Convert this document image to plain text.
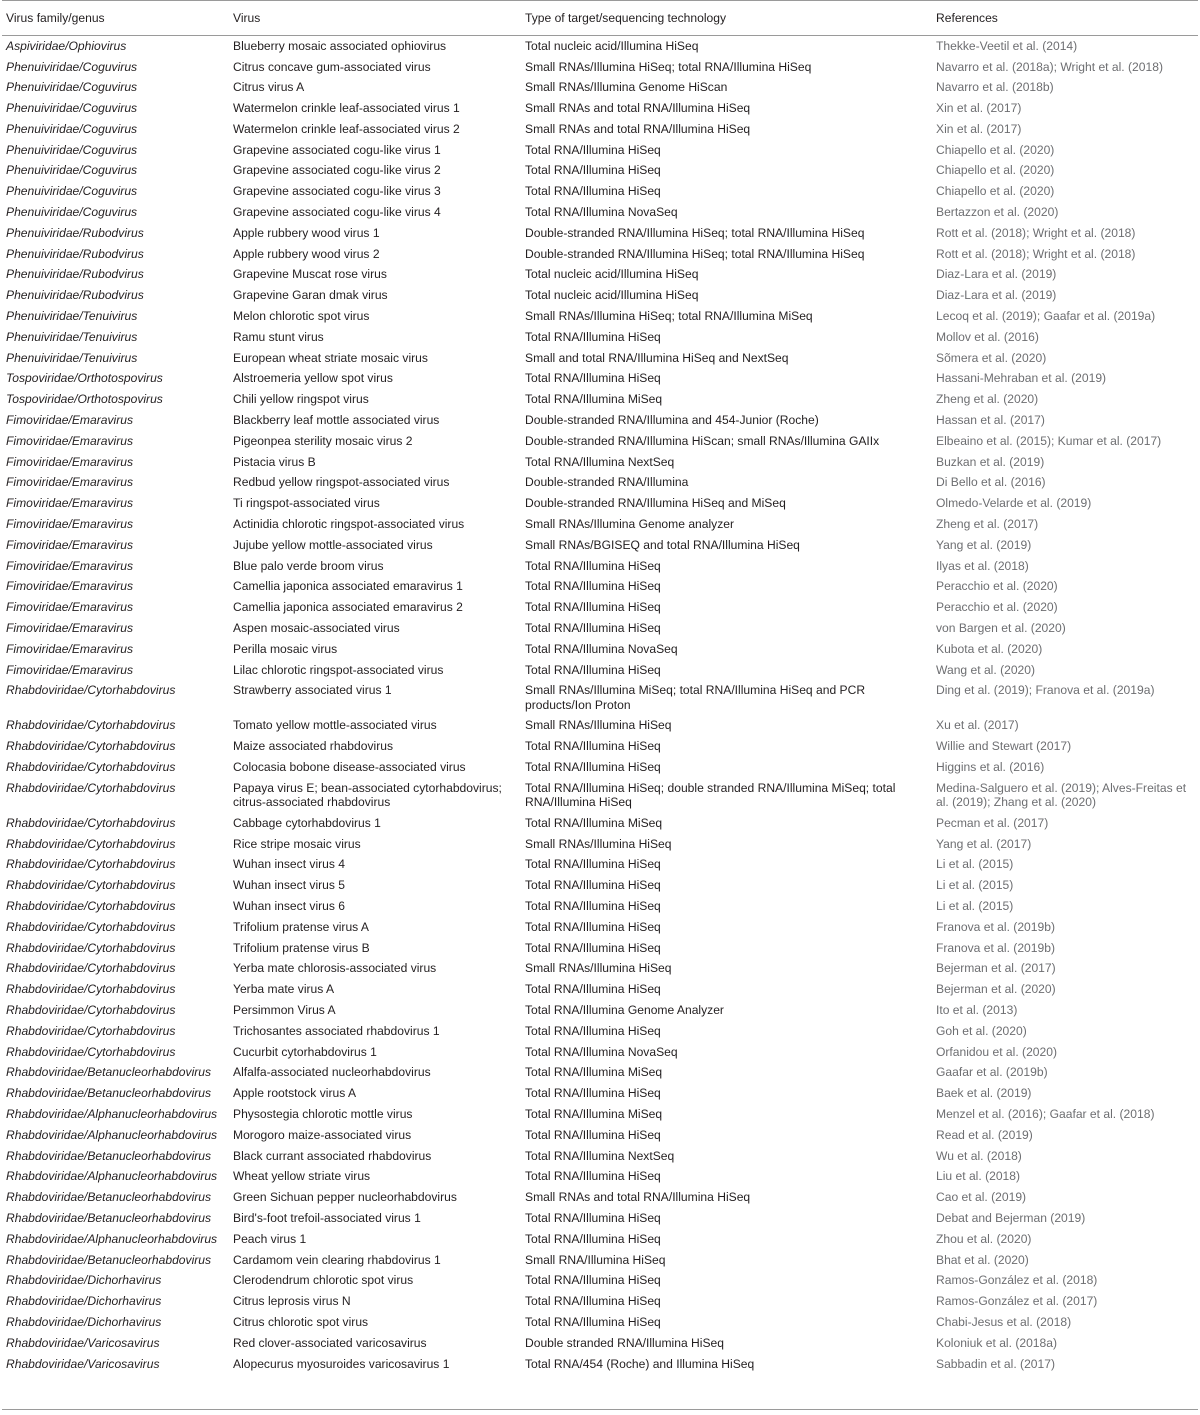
Virus family/genus	Virus	Type of target/sequencing technology	References
Aspiviridae/Ophiovirus	Blueberry mosaic associated ophiovirus	Total nucleic acid/Illumina HiSeq	Thekke-Veetil et al. (2014)
Phenuiviridae/Coguvirus	Citrus concave gum-associated virus	Small RNAs/Illumina HiSeq; total RNA/Illumina HiSeq	Navarro et al. (2018a); Wright et al. (2018)
Phenuiviridae/Coguvirus	Citrus virus A	Small RNAs/Illumina Genome HiScan	Navarro et al. (2018b)
Phenuiviridae/Coguvirus	Watermelon crinkle leaf-associated virus 1	Small RNAs and total RNA/Illumina HiSeq	Xin et al. (2017)
Phenuiviridae/Coguvirus	Watermelon crinkle leaf-associated virus 2	Small RNAs and total RNA/Illumina HiSeq	Xin et al. (2017)
Phenuiviridae/Coguvirus	Grapevine associated cogu-like virus 1	Total RNA/Illumina HiSeq	Chiapello et al. (2020)
Phenuiviridae/Coguvirus	Grapevine associated cogu-like virus 2	Total RNA/Illumina HiSeq	Chiapello et al. (2020)
Phenuiviridae/Coguvirus	Grapevine associated cogu-like virus 3	Total RNA/Illumina HiSeq	Chiapello et al. (2020)
Phenuiviridae/Coguvirus	Grapevine associated cogu-like virus 4	Total RNA/Illumina NovaSeq	Bertazzon et al. (2020)
Phenuiviridae/Rubodvirus	Apple rubbery wood virus 1	Double-stranded RNA/Illumina HiSeq; total RNA/Illumina HiSeq	Rott et al. (2018); Wright et al. (2018)
Phenuiviridae/Rubodvirus	Apple rubbery wood virus 2	Double-stranded RNA/Illumina HiSeq; total RNA/Illumina HiSeq	Rott et al. (2018); Wright et al. (2018)
Phenuiviridae/Rubodvirus	Grapevine Muscat rose virus	Total nucleic acid/Illumina HiSeq	Diaz-Lara et al. (2019)
Phenuiviridae/Rubodvirus	Grapevine Garan dmak virus	Total nucleic acid/Illumina HiSeq	Diaz-Lara et al. (2019)
Phenuiviridae/Tenuivirus	Melon chlorotic spot virus	Small RNAs/Illumina HiSeq; total RNA/Illumina MiSeq	Lecoq et al. (2019); Gaafar et al. (2019a)
Phenuiviridae/Tenuivirus	Ramu stunt virus	Total RNA/Illumina HiSeq	Mollov et al. (2016)
Phenuiviridae/Tenuivirus	European wheat striate mosaic virus	Small and total RNA/Illumina HiSeq and NextSeq	Sõmera et al. (2020)
Tospoviridae/Orthotospovirus	Alstroemeria yellow spot virus	Total RNA/Illumina HiSeq	Hassani-Mehraban et al. (2019)
Tospoviridae/Orthotospovirus	Chili yellow ringspot virus	Total RNA/Illumina MiSeq	Zheng et al. (2020)
Fimoviridae/Emaravirus	Blackberry leaf mottle associated virus	Double-stranded RNA/Illumina and 454-Junior (Roche)	Hassan et al. (2017)
Fimoviridae/Emaravirus	Pigeonpea sterility mosaic virus 2	Double-stranded RNA/Illumina HiScan; small RNAs/Illumina GAIIx	Elbeaino et al. (2015); Kumar et al. (2017)
Fimoviridae/Emaravirus	Pistacia virus B	Total RNA/Illumina NextSeq	Buzkan et al. (2019)
Fimoviridae/Emaravirus	Redbud yellow ringspot-associated virus	Double-stranded RNA/Illumina	Di Bello et al. (2016)
Fimoviridae/Emaravirus	Ti ringspot-associated virus	Double-stranded RNA/Illumina HiSeq and MiSeq	Olmedo-Velarde et al. (2019)
Fimoviridae/Emaravirus	Actinidia chlorotic ringspot-associated virus	Small RNAs/Illumina Genome analyzer	Zheng et al. (2017)
Fimoviridae/Emaravirus	Jujube yellow mottle-associated virus	Small RNAs/BGISEQ and total RNA/Illumina HiSeq	Yang et al. (2019)
Fimoviridae/Emaravirus	Blue palo verde broom virus	Total RNA/Illumina HiSeq	Ilyas et al. (2018)
Fimoviridae/Emaravirus	Camellia japonica associated emaravirus 1	Total RNA/Illumina HiSeq	Peracchio et al. (2020)
Fimoviridae/Emaravirus	Camellia japonica associated emaravirus 2	Total RNA/Illumina HiSeq	Peracchio et al. (2020)
Fimoviridae/Emaravirus	Aspen mosaic-associated virus	Total RNA/Illumina HiSeq	von Bargen et al. (2020)
Fimoviridae/Emaravirus	Perilla mosaic virus	Total RNA/Illumina NovaSeq	Kubota et al. (2020)
Fimoviridae/Emaravirus	Lilac chlorotic ringspot-associated virus	Total RNA/Illumina HiSeq	Wang et al. (2020)
Rhabdoviridae/Cytorhabdovirus	Strawberry associated virus 1	Small RNAs/Illumina MiSeq; total RNA/Illumina HiSeq and PCR products/Ion Proton	Ding et al. (2019); Franova et al. (2019a)
Rhabdoviridae/Cytorhabdovirus	Tomato yellow mottle-associated virus	Small RNAs/Illumina HiSeq	Xu et al. (2017)
Rhabdoviridae/Cytorhabdovirus	Maize associated rhabdovirus	Total RNA/Illumina HiSeq	Willie and Stewart (2017)
Rhabdoviridae/Cytorhabdovirus	Colocasia bobone disease-associated virus	Total RNA/Illumina HiSeq	Higgins et al. (2016)
Rhabdoviridae/Cytorhabdovirus	Papaya virus E; bean-associated cytorhabdovirus; citrus-associated rhabdovirus	Total RNA/Illumina HiSeq; double stranded RNA/Illumina MiSeq; total RNA/Illumina HiSeq	Medina-Salguero et al. (2019); Alves-Freitas et al. (2019); Zhang et al. (2020)
Rhabdoviridae/Cytorhabdovirus	Cabbage cytorhabdovirus 1	Total RNA/Illumina MiSeq	Pecman et al. (2017)
Rhabdoviridae/Cytorhabdovirus	Rice stripe mosaic virus	Small RNAs/Illumina HiSeq	Yang et al. (2017)
Rhabdoviridae/Cytorhabdovirus	Wuhan insect virus 4	Total RNA/Illumina HiSeq	Li et al. (2015)
Rhabdoviridae/Cytorhabdovirus	Wuhan insect virus 5	Total RNA/Illumina HiSeq	Li et al. (2015)
Rhabdoviridae/Cytorhabdovirus	Wuhan insect virus 6	Total RNA/Illumina HiSeq	Li et al. (2015)
Rhabdoviridae/Cytorhabdovirus	Trifolium pratense virus A	Total RNA/Illumina HiSeq	Franova et al. (2019b)
Rhabdoviridae/Cytorhabdovirus	Trifolium pratense virus B	Total RNA/Illumina HiSeq	Franova et al. (2019b)
Rhabdoviridae/Cytorhabdovirus	Yerba mate chlorosis-associated virus	Small RNAs/Illumina HiSeq	Bejerman et al. (2017)
Rhabdoviridae/Cytorhabdovirus	Yerba mate virus A	Total RNA/Illumina HiSeq	Bejerman et al. (2020)
Rhabdoviridae/Cytorhabdovirus	Persimmon Virus A	Total RNA/Illumina Genome Analyzer	Ito et al. (2013)
Rhabdoviridae/Cytorhabdovirus	Trichosantes associated rhabdovirus 1	Total RNA/Illumina HiSeq	Goh et al. (2020)
Rhabdoviridae/Cytorhabdovirus	Cucurbit cytorhabdovirus 1	Total RNA/Illumina NovaSeq	Orfanidou et al. (2020)
Rhabdoviridae/Betanucleorhabdovirus	Alfalfa-associated nucleorhabdovirus	Total RNA/Illumina MiSeq	Gaafar et al. (2019b)
Rhabdoviridae/Betanucleorhabdovirus	Apple rootstock virus A	Total RNA/Illumina HiSeq	Baek et al. (2019)
Rhabdoviridae/Alphanucleorhabdovirus	Physostegia chlorotic mottle virus	Total RNA/Illumina MiSeq	Menzel et al. (2016); Gaafar et al. (2018)
Rhabdoviridae/Alphanucleorhabdovirus	Morogoro maize-associated virus	Total RNA/Illumina HiSeq	Read et al. (2019)
Rhabdoviridae/Betanucleorhabdovirus	Black currant associated rhabdovirus	Total RNA/Illumina NextSeq	Wu et al. (2018)
Rhabdoviridae/Alphanucleorhabdovirus	Wheat yellow striate virus	Total RNA/Illumina HiSeq	Liu et al. (2018)
Rhabdoviridae/Betanucleorhabdovirus	Green Sichuan pepper nucleorhabdovirus	Small RNAs and total RNA/Illumina HiSeq	Cao et al. (2019)
Rhabdoviridae/Betanucleorhabdovirus	Bird's-foot trefoil-associated virus 1	Total RNA/Illumina HiSeq	Debat and Bejerman (2019)
Rhabdoviridae/Alphanucleorhabdovirus	Peach virus 1	Total RNA/Illumina HiSeq	Zhou et al. (2020)
Rhabdoviridae/Betanucleorhabdovirus	Cardamom vein clearing rhabdovirus 1	Small RNA/Illumina HiSeq	Bhat et al. (2020)
Rhabdoviridae/Dichorhavirus	Clerodendrum chlorotic spot virus	Total RNA/Illumina HiSeq	Ramos-González et al. (2018)
Rhabdoviridae/Dichorhavirus	Citrus leprosis virus N	Total RNA/Illumina HiSeq	Ramos-González et al. (2017)
Rhabdoviridae/Dichorhavirus	Citrus chlorotic spot virus	Total RNA/Illumina HiSeq	Chabi-Jesus et al. (2018)
Rhabdoviridae/Varicosavirus	Red clover-associated varicosavirus	Double stranded RNA/Illumina HiSeq	Koloniuk et al. (2018a)
Rhabdoviridae/Varicosavirus	Alopecurus myosuroides varicosavirus 1	Total RNA/454 (Roche) and Illumina HiSeq	Sabbadin et al. (2017)
